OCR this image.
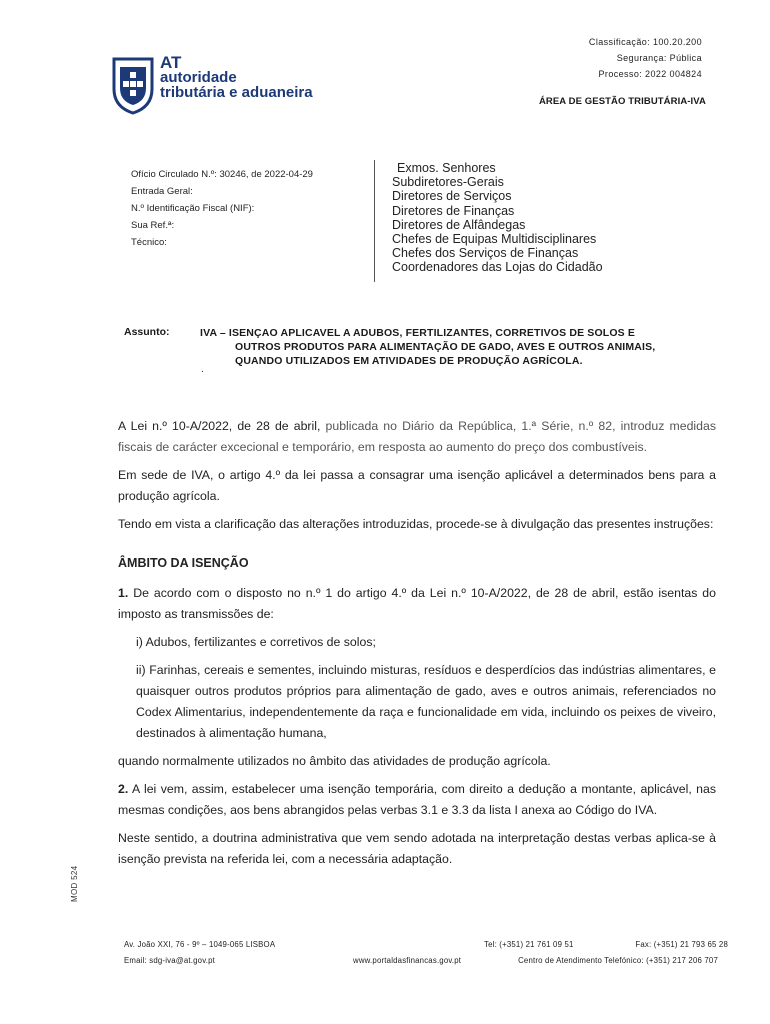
Classificação: 100.20.200
Segurança: Pública
Processo: 2022 004824
AT
autoridade
tributária e aduaneira
ÁREA DE GESTÃO TRIBUTÁRIA-IVA
Ofício Circulado N.º: 30246, de 2022-04-29
Entrada Geral:
N.º Identificação Fiscal (NIF):
Sua Ref.ª:
Técnico:
Exmos. Senhores
Subdiretores-Gerais
Diretores de Serviços
Diretores de Finanças
Diretores de Alfândegas
Chefes de Equipas Multidisciplinares
Chefes dos Serviços de Finanças
Coordenadores das Lojas do Cidadão
Assunto:	IVA – ISENÇAO APLICAVEL A ADUBOS, FERTILIZANTES, CORRETIVOS DE SOLOS E
OUTROS PRODUTOS PARA ALIMENTAÇÃO DE GADO, AVES E OUTROS ANIMAIS,
QUANDO UTILIZADOS EM ATIVIDADES DE PRODUÇÃO AGRÍCOLA.
.

A Lei n.º 10-A/2022, de 28 de abril, publicada no Diário da República, 1.ª Série, n.º 82, introduz medidas fiscais de carácter excecional e temporário, em resposta ao aumento do preço dos combustíveis.

Em sede de IVA, o artigo 4.º da lei passa a consagrar uma isenção aplicável a determinados bens para a produção agrícola.

Tendo em vista a clarificação das alterações introduzidas, procede-se à divulgação das presentes instruções:

ÂMBITO DA ISENÇÃO

1. De acordo com o disposto no n.º 1 do artigo 4.º da Lei n.º 10-A/2022, de 28 de abril, estão isentas do imposto as transmissões de:

i) Adubos, fertilizantes e corretivos de solos;

ii) Farinhas, cereais e sementes, incluindo misturas, resíduos e desperdícios das indústrias alimentares, e quaisquer outros produtos próprios para alimentação de gado, aves e outros animais, referenciados no Codex Alimentarius, independentemente da raça e funcionalidade em vida, incluindo os peixes de viveiro, destinados à alimentação humana,

quando normalmente utilizados no âmbito das atividades de produção agrícola.

2. A lei vem, assim, estabelecer uma isenção temporária, com direito a dedução a montante, aplicável, nas mesmas condições, aos bens abrangidos pelas verbas 3.1 e 3.3 da lista I anexa ao Código do IVA.

Neste sentido, a doutrina administrativa que vem sendo adotada na interpretação destas verbas aplica-se à isenção prevista na referida lei, com a necessária adaptação.

MOD 524
Av. João XXI, 76 - 9º – 1049-065 LISBOA	Tel: (+351) 21 761 09 51	Fax: (+351) 21 793 65 28
Email: sdg-iva@at.gov.pt	www.portaldasfinancas.gov.pt	Centro de Atendimento Telefónico: (+351) 217 206 707
